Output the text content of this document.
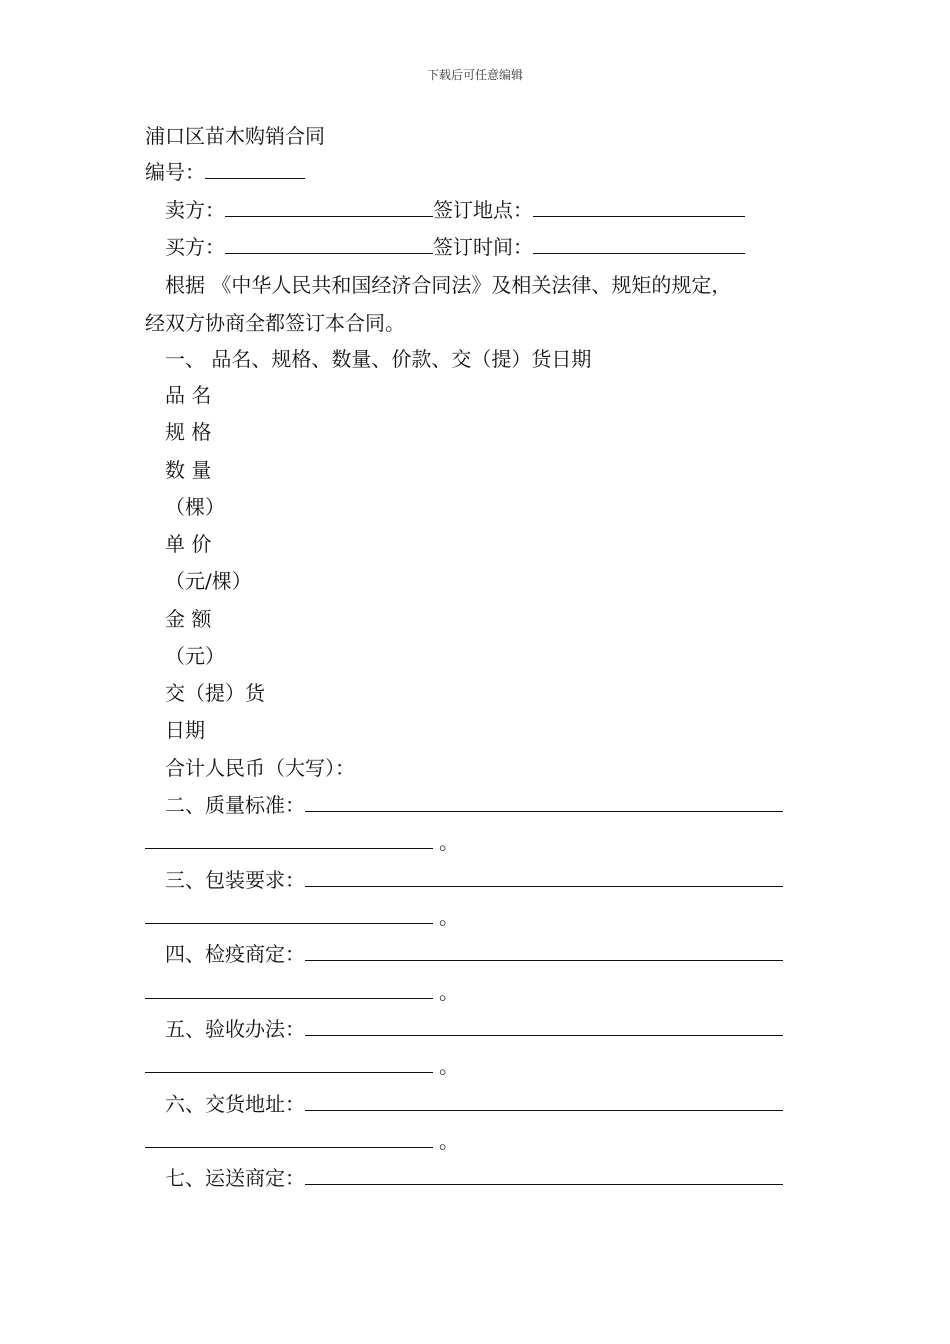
下载后可任意编辑
浦口区苗木购销合同
编号：
卖方：	签订地点：
买方：	签订时间：
根据 《中华人民共和国经济合同法》及相关法律、规矩的规定，
经双方协商全都签订本合同。
一、 品名、规格、数量、价款、交（提）货日期
品 名
规 格
数 量
（棵）
单 价
（元/棵）
金 额
（元）
交（提）货
日期
合计人民币（大写）：
二、质量标准：
。
三、包装要求：
。
四、检疫商定：
。
五、验收办法：
。
六、交货地址：
。
七、运送商定：
